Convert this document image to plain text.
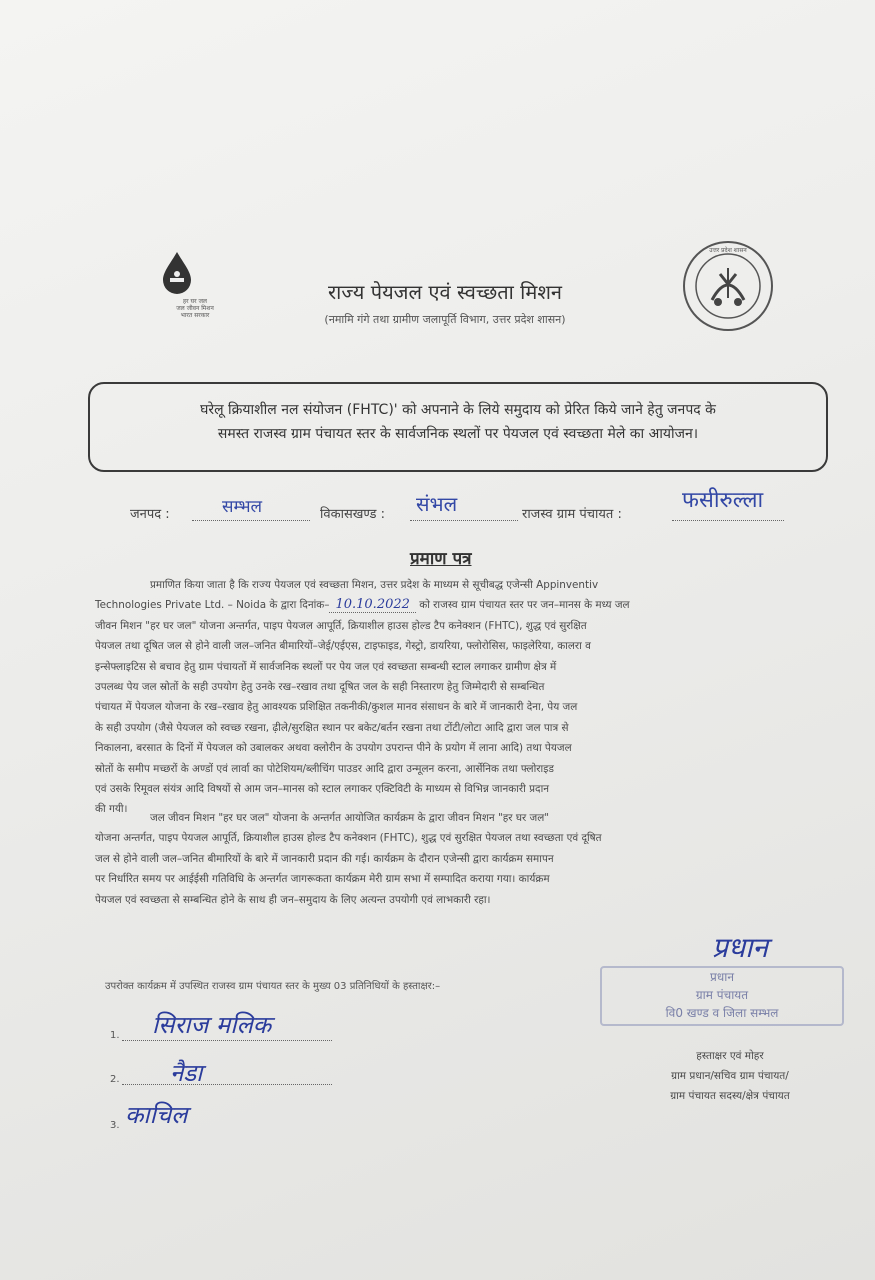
हर घर जल
जल जीवन मिशन
भारत सरकार
राज्य पेयजल एवं स्वच्छता मिशन
(नमामि गंगे तथा ग्रामीण जलापूर्ति विभाग, उत्तर प्रदेश शासन)
उत्तर प्रदेश शासन
घरेलू क्रियाशील नल संयोजन (FHTC)' को अपनाने के लिये समुदाय को प्रेरित किये जाने हेतु जनपद के
समस्त राजस्व ग्राम पंचायत स्तर के सार्वजनिक स्थलों पर पेयजल एवं स्वच्छता मेले का आयोजन।
जनपद :	सम्भल	विकासखण्ड : संभल	राजस्व ग्राम पंचायत :
फसीरुल्ला
प्रमाण पत्र
प्रमाणित किया जाता है कि राज्य पेयजल एवं स्वच्छता मिशन, उत्तर प्रदेश के माध्यम से सूचीबद्ध एजेन्सी Appinventiv
Technologies Private Ltd. – Noida के द्वारा दिनांक– 10.10.2022 को राजस्व ग्राम पंचायत स्तर पर जन–मानस के मध्य जल
जीवन मिशन "हर घर जल" योजना अन्तर्गत, पाइप पेयजल आपूर्ति, क्रियाशील हाउस होल्ड टैप कनेक्शन (FHTC), शुद्ध एवं सुरक्षित
पेयजल तथा दूषित जल से होने वाली जल–जनित बीमारियों–जेई/एईएस, टाइफाइड, गेस्ट्रो, डायरिया, फ्लोरोसिस, फाइलेरिया, कालरा व
इन्सेफ्लाइटिस से बचाव हेतु ग्राम पंचायतों में सार्वजनिक स्थलों पर पेय जल एवं स्वच्छता सम्बन्धी स्टाल लगाकर ग्रामीण क्षेत्र में
उपलब्ध पेय जल स्रोतों के सही उपयोग हेतु उनके रख–रखाव तथा दूषित जल के सही निस्तारण हेतु जिम्मेदारी से सम्बन्धित
पंचायत में पेयजल योजना के रख–रखाव हेतु आवश्यक प्रशिक्षित तकनीकी/कुशल मानव संसाधन के बारे में जानकारी देना, पेय जल
के सही उपयोग (जैसे पेयजल को स्वच्छ रखना, ढ़ीले/सुरक्षित स्थान पर बकेट/बर्तन रखना तथा टोंटी/लोटा आदि द्वारा जल पात्र से
निकालना, बरसात के दिनों में पेयजल को उबालकर अथवा क्लोरीन के उपयोग उपरान्त पीने के प्रयोग में लाना आदि) तथा पेयजल
स्रोतों के समीप मच्छरों के अण्डों एवं लार्वा का पोटेशियम/ब्लीचिंग पाउडर आदि द्वारा उन्मूलन करना, आर्सेनिक तथा फ्लोराइड
एवं उसके रिमूवल संयंत्र आदि विषयों से आम जन–मानस को स्टाल लगाकर एक्टिविटी के माध्यम से विभिन्न जानकारी प्रदान
की गयी।
जल जीवन मिशन "हर घर जल" योजना के अन्तर्गत आयोजित कार्यक्रम के द्वारा जीवन मिशन "हर घर जल"
योजना अन्तर्गत, पाइप पेयजल आपूर्ति, क्रियाशील हाउस होल्ड टैप कनेक्शन (FHTC), शुद्ध एवं सुरक्षित पेयजल तथा स्वच्छता एवं दूषित
जल से होने वाली जल–जनित बीमारियों के बारे में जानकारी प्रदान की गई। कार्यक्रम के दौरान एजेन्सी द्वारा कार्यक्रम समापन
पर निर्धारित समय पर आईईसी गतिविधि के अन्तर्गत जागरूकता कार्यक्रम मेरी ग्राम सभा में सम्पादित कराया गया। कार्यक्रम
पेयजल एवं स्वच्छता से सम्बन्धित होने के साथ ही जन–समुदाय के लिए अत्यन्त उपयोगी एवं लाभकारी रहा।
उपरोक्त कार्यक्रम में उपस्थित राजस्व ग्राम पंचायत स्तर के मुख्य 03 प्रतिनिधियों के हस्ताक्षर:–
1. सिराज मलिक
2. नैडा
3. काचिल
प्रधान
प्रधान
ग्राम पंचायत
वि0 खण्ड व जिला सम्भल
हस्ताक्षर एवं मोहर
ग्राम प्रधान/सचिव ग्राम पंचायत/
ग्राम पंचायत सदस्य/क्षेत्र पंचायत
